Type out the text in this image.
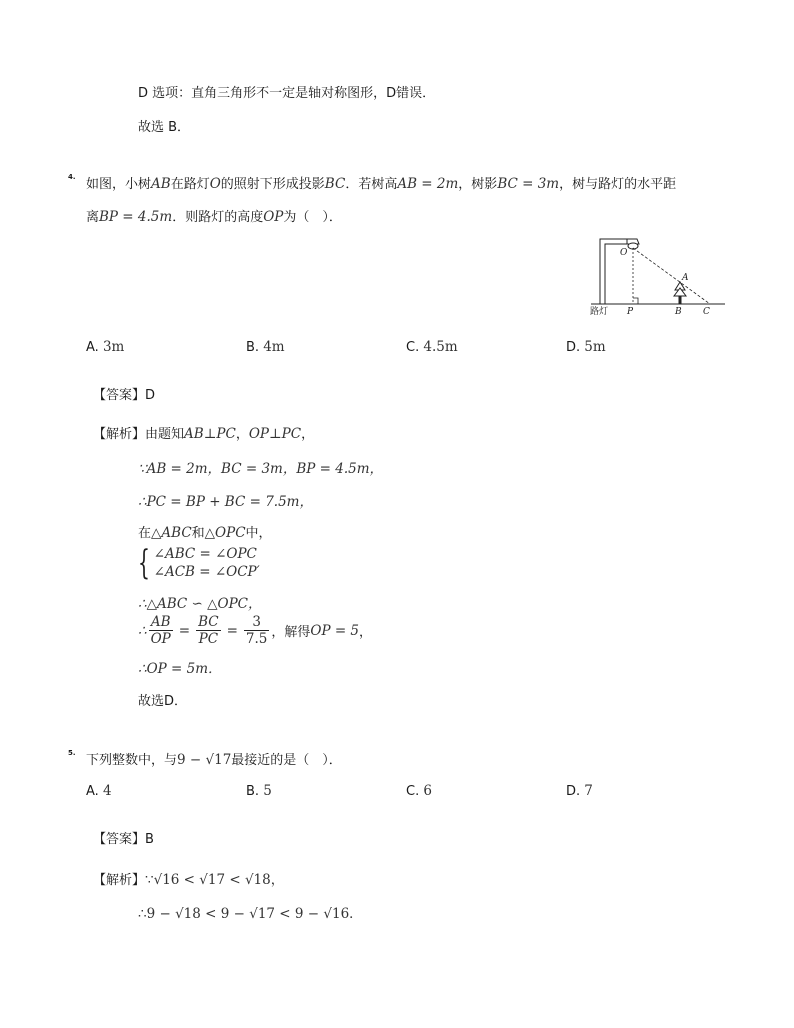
D 选项：直角三角形不一定是轴对称图形，D错误．
故选 B．
4. 如图，小树AB在路灯O的照射下形成投影BC．若树高AB = 2m，树影BC = 3m，树与路灯的水平距
离BP = 4.5m．则路灯的高度OP为（　）．
O
A
P	B C
路灯
A. 3m	B. 4m	C. 4.5m	D. 5m
【答案】D
【解析】由题知AB⊥PC，OP⊥PC，
∵AB = 2m，BC = 3m，BP = 4.5m，
∴PC = BP + BC = 7.5m，
在△ABC和△OPC中，
{ ∠ABC = ∠OPC
∠ACB = ∠OCP′
∴△ABC ∽ △OPC，
∴ $\frac{AB}{OP} = \frac{BC}{PC} = \frac{3}{7.5}$ ，解得 OP = 5 ，
∴OP = 5m．
故选D．
5. 下列整数中，与9 − √17最接近的是（　）．
A. 4	B. 5	C. 6	D. 7
【答案】B
【解析】∵√16 < √17 < √18，
∴9 − √18 < 9 − √17 < 9 − √16．
